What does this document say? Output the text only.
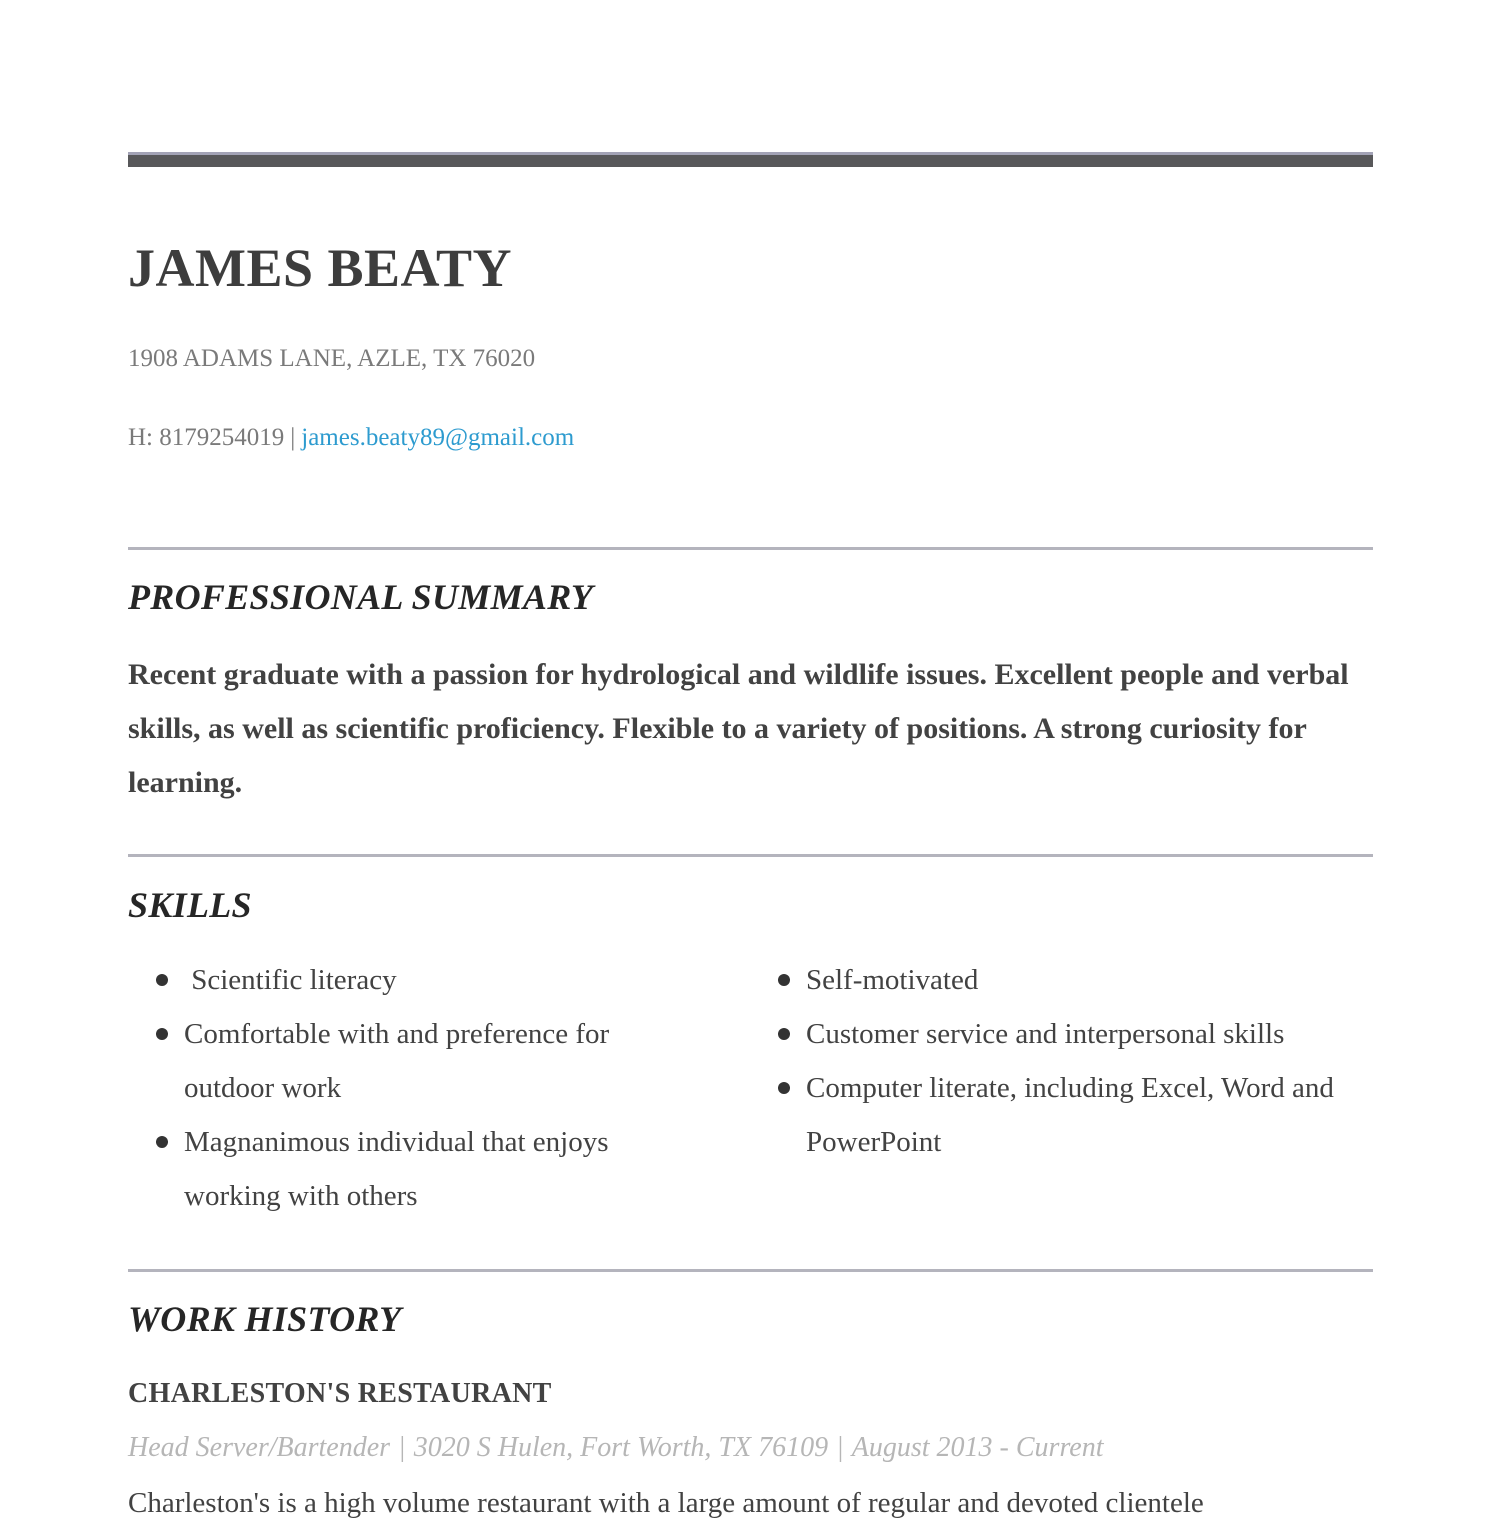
JAMES BEATY
1908 ADAMS LANE, AZLE, TX 76020
H: 8179254019 | james.beaty89@gmail.com
PROFESSIONAL SUMMARY

Recent graduate with a passion for hydrological and wildlife issues. Excellent people and verbal skills, as well as scientific proficiency. Flexible to a variety of positions. A strong curiosity for learning.

SKILLS
Scientific literacy
Comfortable with and preference for outdoor work
Magnanimous individual that enjoys working with others
Self-motivated
Customer service and interpersonal skills
Computer literate, including Excel, Word and PowerPoint
WORK HISTORY
CHARLESTON'S RESTAURANT
Head Server/Bartender | 3020 S Hulen, Fort Worth, TX 76109 | August 2013 - Current

Charleston's is a high volume restaurant with a large amount of regular and devoted clientele
